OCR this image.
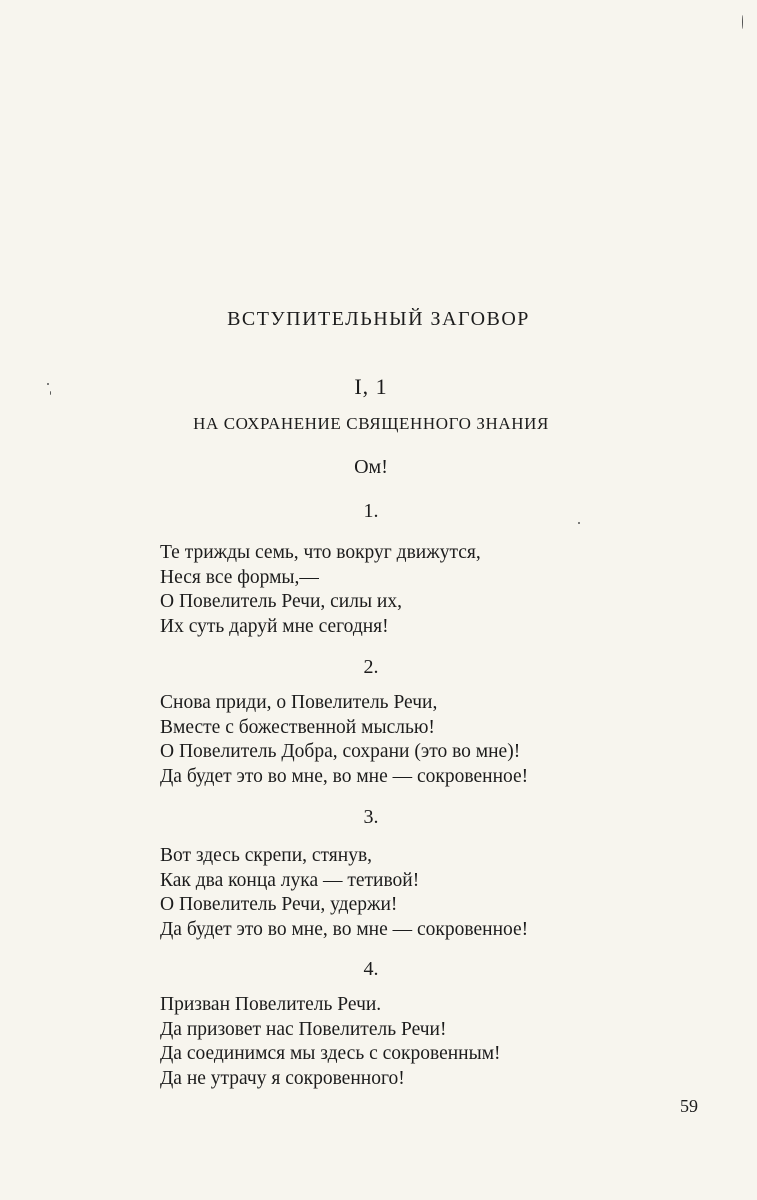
ВСТУПИТЕЛЬНЫЙ ЗАГОВОР
I, 1
НА СОХРАНЕНИЕ СВЯЩЕННОГО ЗНАНИЯ
Ом!
1.
Те трижды семь, что вокруг движутся,
Неся все формы,—
О Повелитель Речи, силы их,
Их суть даруй мне сегодня!
2.
Снова приди, о Повелитель Речи,
Вместе с божественной мыслью!
О Повелитель Добра, сохрани (это во мне)!
Да будет это во мне, во мне — сокровенное!
3.
Вот здесь скрепи, стянув,
Как два конца лука — тетивой!
О Повелитель Речи, удержи!
Да будет это во мне, во мне — сокровенное!
4.
Призван Повелитель Речи.
Да призовет нас Повелитель Речи!
Да соединимся мы здесь с сокровенным!
Да не утрачу я сокровенного!
59
